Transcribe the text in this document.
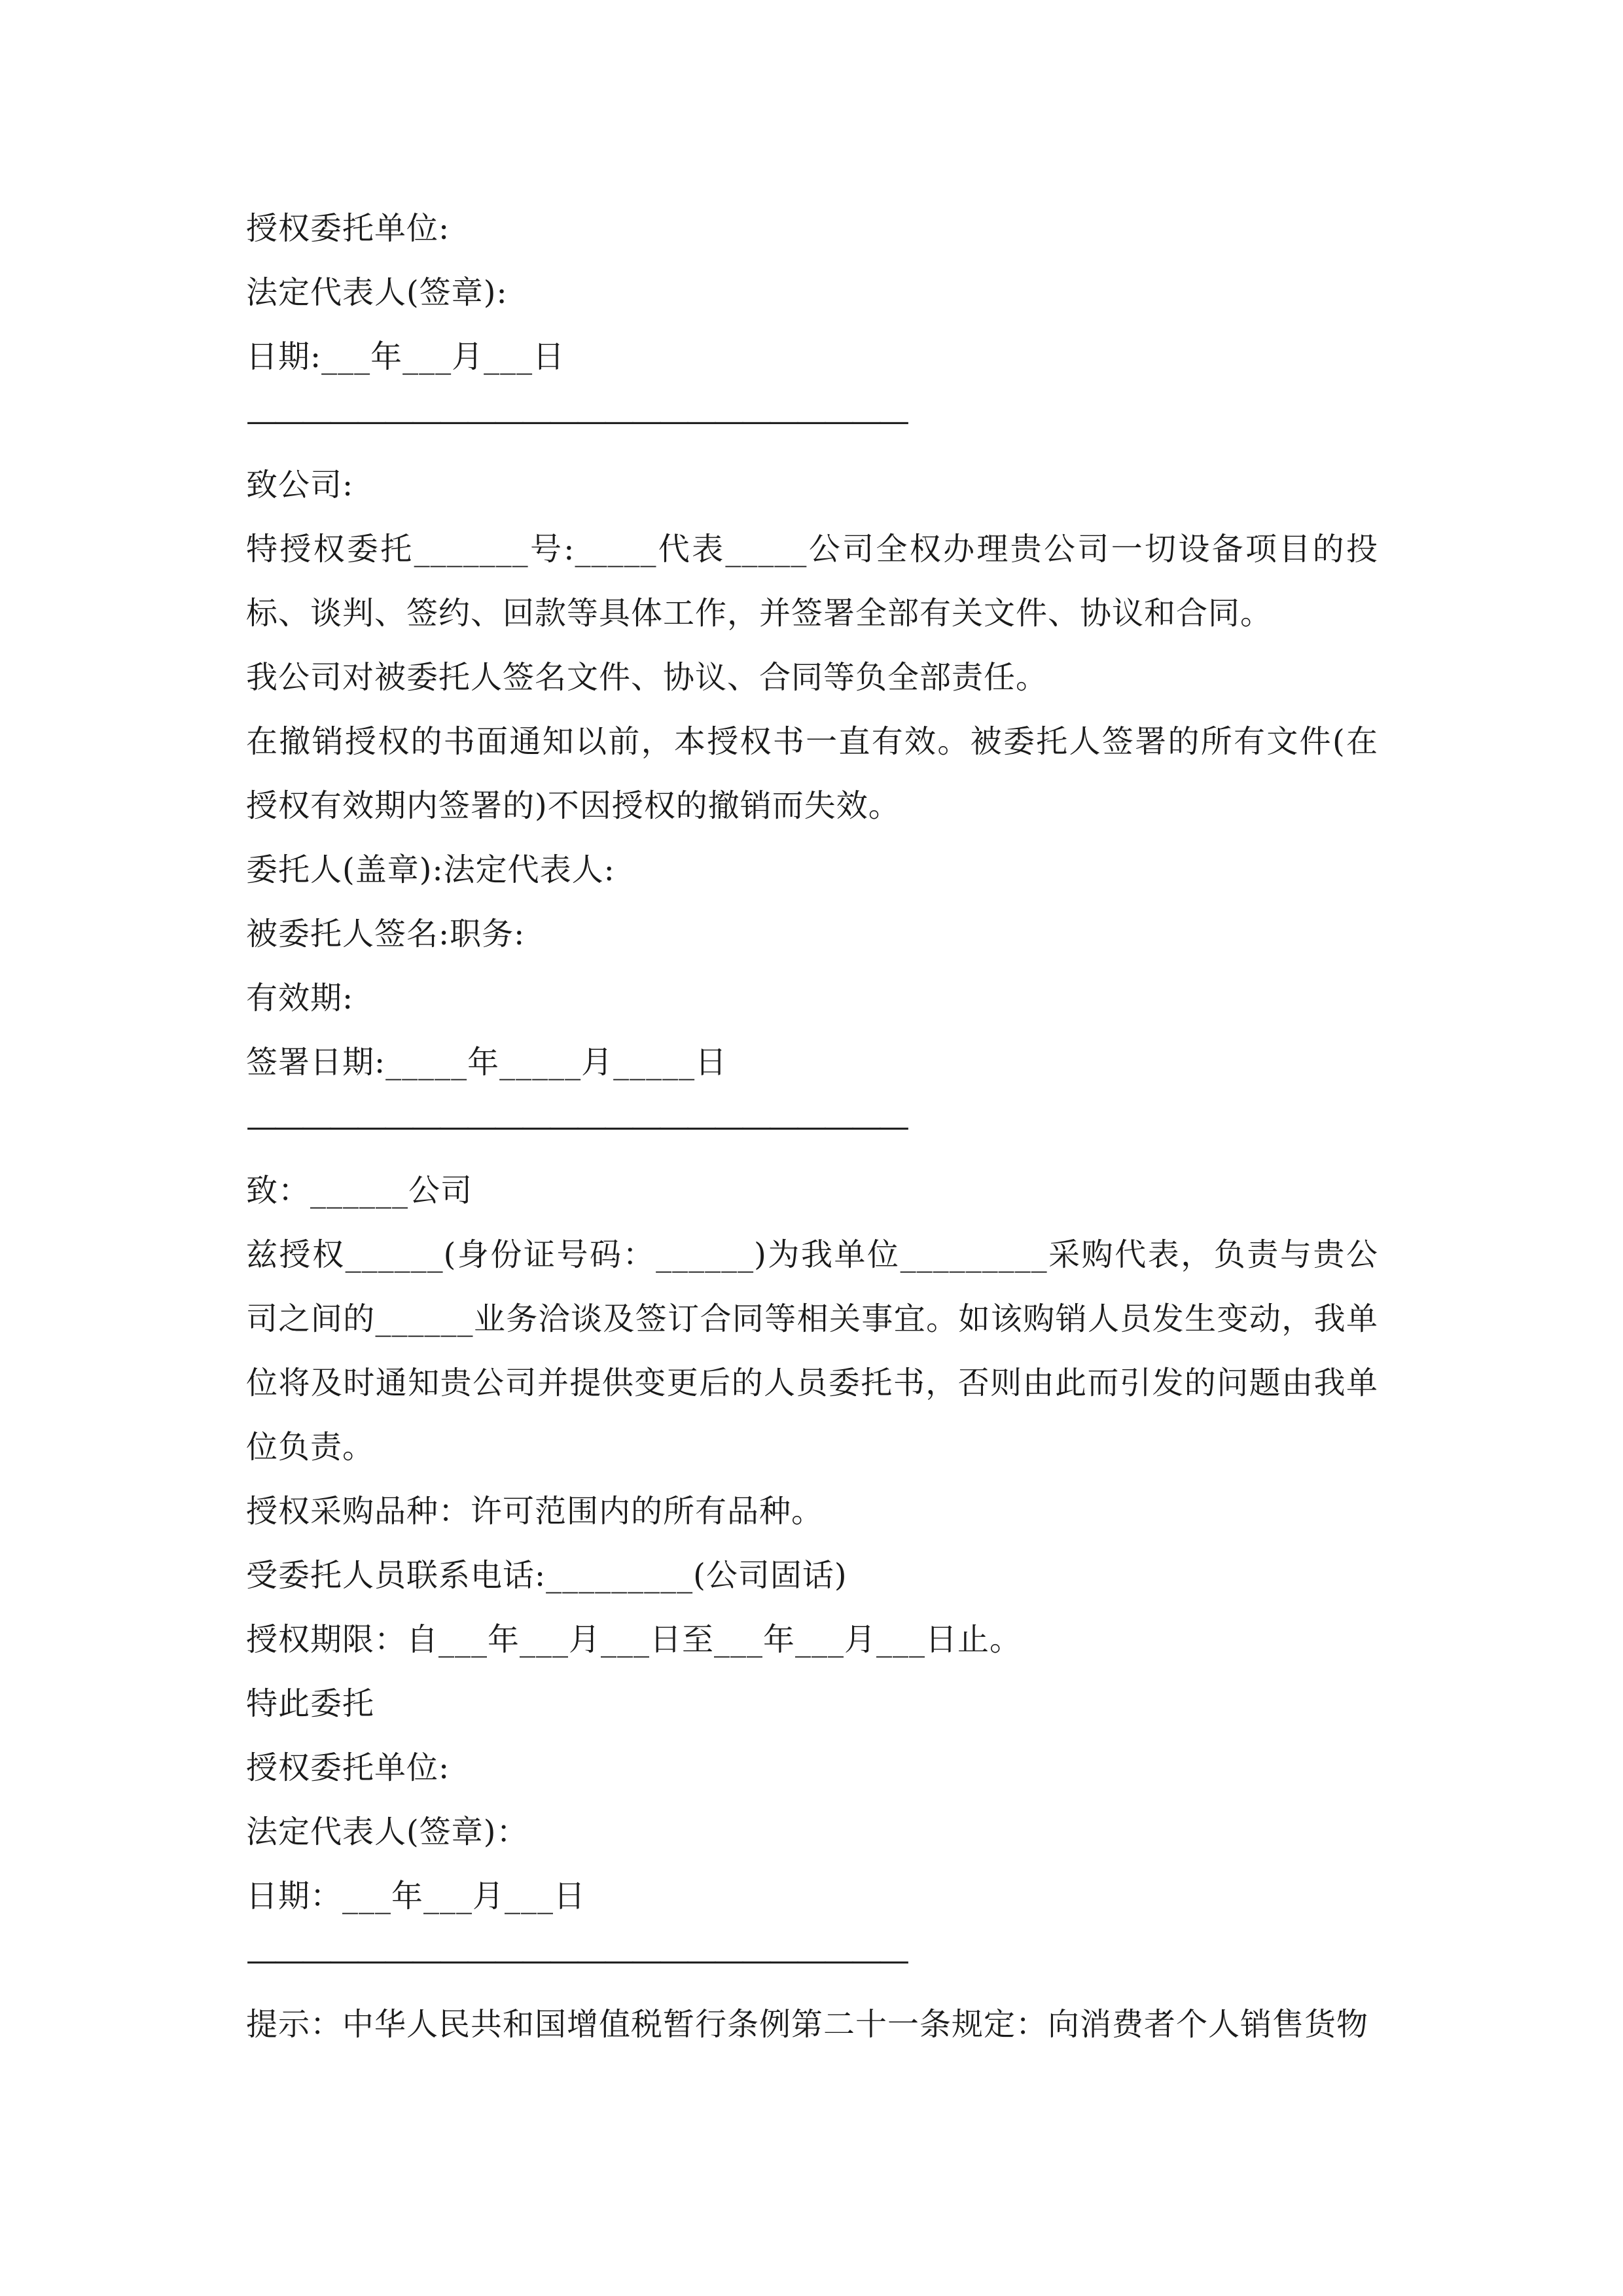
授权委托单位:
法定代表人(签章):
日期:___年___月___日
————————————————————————
致公司:
特授权委托_______号:_____代表_____公司全权办理贵公司一切设备项目的投标、谈判、签约、回款等具体工作，并签署全部有关文件、协议和合同。
我公司对被委托人签名文件、协议、合同等负全部责任。
在撤销授权的书面通知以前，本授权书一直有效。被委托人签署的所有文件(在授权有效期内签署的)不因授权的撤销而失效。
委托人(盖章):法定代表人:
被委托人签名:职务:
有效期:
签署日期:_____年_____月_____日
————————————————————————
致：______公司
兹授权______(身份证号码：______)为我单位_________采购代表，负责与贵公司之间的______业务洽谈及签订合同等相关事宜。如该购销人员发生变动，我单位将及时通知贵公司并提供变更后的人员委托书，否则由此而引发的问题由我单位负责。
授权采购品种：许可范围内的所有品种。
受委托人员联系电话:_________(公司固话)
授权期限：自___年___月___日至___年___月___日止。
特此委托
授权委托单位:
法定代表人(签章)：
日期：___年___月___日
————————————————————————
提示：中华人民共和国增值税暂行条例第二十一条规定：向消费者个人销售货物
